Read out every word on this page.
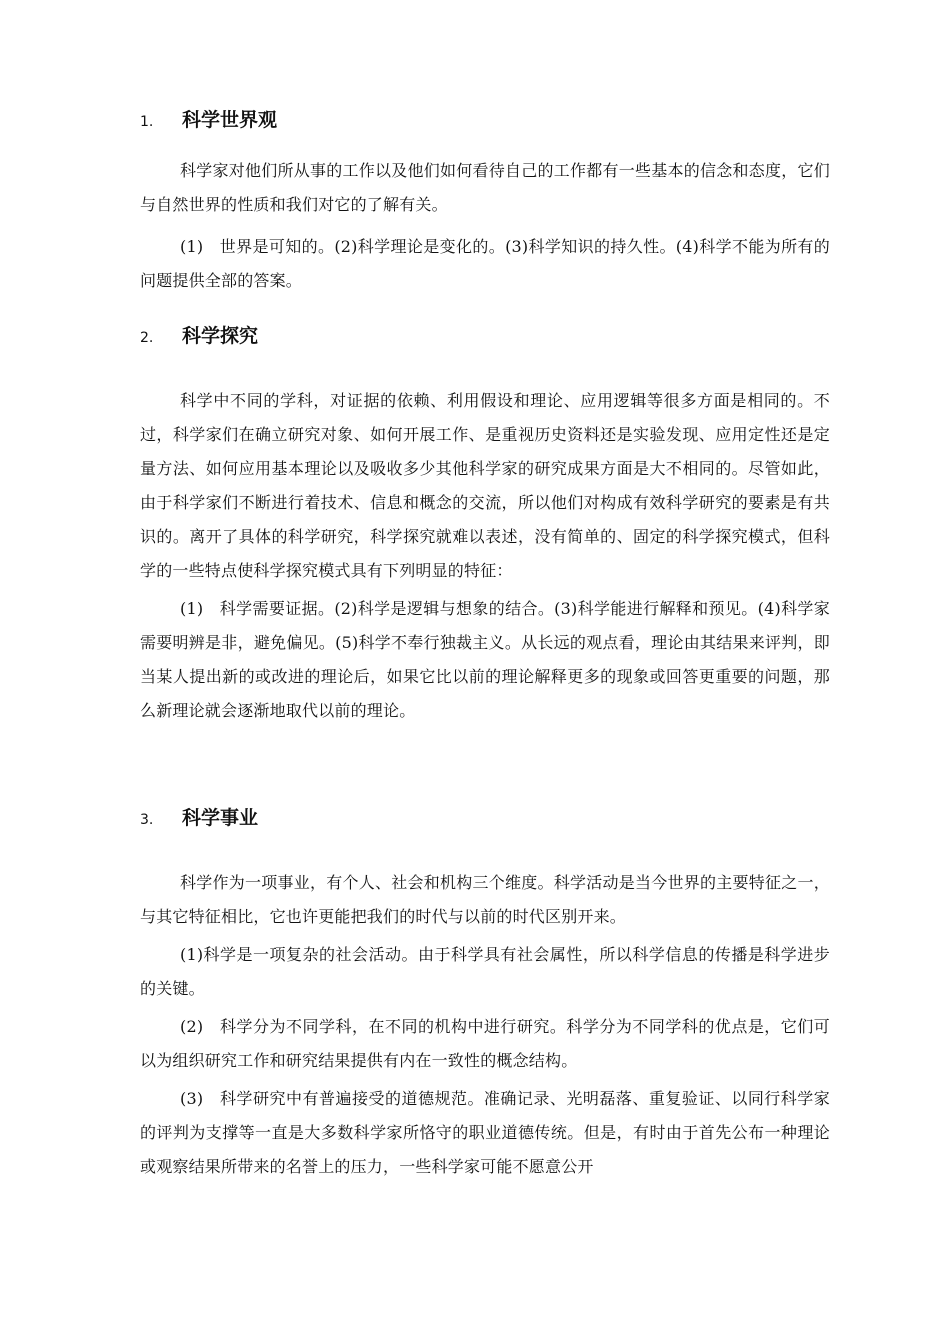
1.	科学世界观

科学家对他们所从事的工作以及他们如何看待自己的工作都有一些基本的信念和态度，它们与自然世界的性质和我们对它的了解有关。

(1)　世界是可知的。(2)科学理论是变化的。(3)科学知识的持久性。(4)科学不能为所有的问题提供全部的答案。

2.	科学探究

科学中不同的学科，对证据的依赖、利用假设和理论、应用逻辑等很多方面是相同的。不过，科学家们在确立研究对象、如何开展工作、是重视历史资料还是实验发现、应用定性还是定量方法、如何应用基本理论以及吸收多少其他科学家的研究成果方面是大不相同的。尽管如此，由于科学家们不断进行着技术、信息和概念的交流，所以他们对构成有效科学研究的要素是有共识的。离开了具体的科学研究，科学探究就难以表述，没有简单的、固定的科学探究模式，但科学的一些特点使科学探究模式具有下列明显的特征：

(1)　科学需要证据。(2)科学是逻辑与想象的结合。(3)科学能进行解释和预见。(4)科学家需要明辨是非，避免偏见。(5)科学不奉行独裁主义。从长远的观点看，理论由其结果来评判，即当某人提出新的或改进的理论后，如果它比以前的理论解释更多的现象或回答更重要的问题，那么新理论就会逐渐地取代以前的理论。

3.	科学事业

科学作为一项事业，有个人、社会和机构三个维度。科学活动是当今世界的主要特征之一，与其它特征相比，它也许更能把我们的时代与以前的时代区别开来。

(1)科学是一项复杂的社会活动。由于科学具有社会属性，所以科学信息的传播是科学进步的关键。

(2)　科学分为不同学科，在不同的机构中进行研究。科学分为不同学科的优点是，它们可以为组织研究工作和研究结果提供有内在一致性的概念结构。

(3)　科学研究中有普遍接受的道德规范。准确记录、光明磊落、重复验证、以同行科学家的评判为支撑等一直是大多数科学家所恪守的职业道德传统。但是，有时由于首先公布一种理论或观察结果所带来的名誉上的压力，一些科学家可能不愿意公开
